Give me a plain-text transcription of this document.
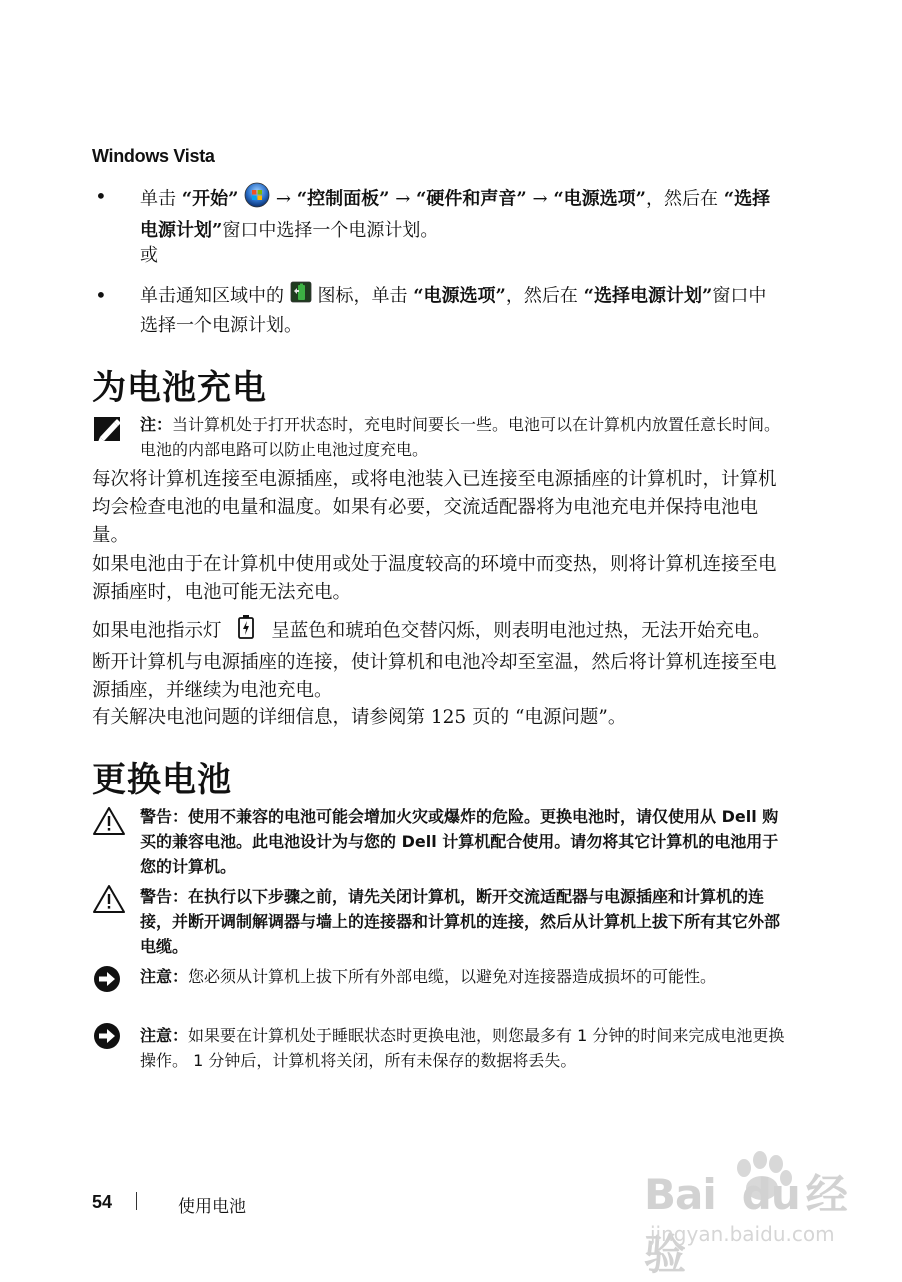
Windows Vista
• 单击 “开始” → “控制面板” → “硬件和声音” → “电源选项”，然后在 “选择电源计划”窗口中选择一个电源计划。
或
• 单击通知区域中的 图标，单击 “电源选项”，然后在 “选择电源计划”窗口中选择一个电源计划。
为电池充电
注：当计算机处于打开状态时，充电时间要长一些。电池可以在计算机内放置任意长时间。电池的内部电路可以防止电池过度充电。
每次将计算机连接至电源插座，或将电池装入已连接至电源插座的计算机时，计算机均会检查电池的电量和温度。如果有必要，交流适配器将为电池充电并保持电池电量。
如果电池由于在计算机中使用或处于温度较高的环境中而变热，则将计算机连接至电源插座时，电池可能无法充电。
如果电池指示灯	呈蓝色和琥珀色交替闪烁，则表明电池过热，无法开始充电。断开计算机与电源插座的连接，使计算机和电池冷却至室温，然后将计算机连接至电源插座，并继续为电池充电。
有关解决电池问题的详细信息，请参阅第 125 页的 “电源问题”。
更换电池
警告：使用不兼容的电池可能会增加火灾或爆炸的危险。更换电池时，请仅使用从 Dell 购买的兼容电池。此电池设计为与您的 Dell 计算机配合使用。请勿将其它计算机的电池用于您的计算机。
警告：在执行以下步骤之前，请先关闭计算机，断开交流适配器与电源插座和计算机的连接，并断开调制解调器与墙上的连接器和计算机的连接，然后从计算机上拔下所有其它外部电缆。
注意：您必须从计算机上拔下所有外部电缆，以避免对连接器造成损坏的可能性。
注意：如果要在计算机处于睡眠状态时更换电池，则您最多有 1 分钟的时间来完成电池更换操作。 1 分钟后，计算机将关闭，所有未保存的数据将丢失。
54	使用电池	Bai du 经验
jingyan.baidu.com
